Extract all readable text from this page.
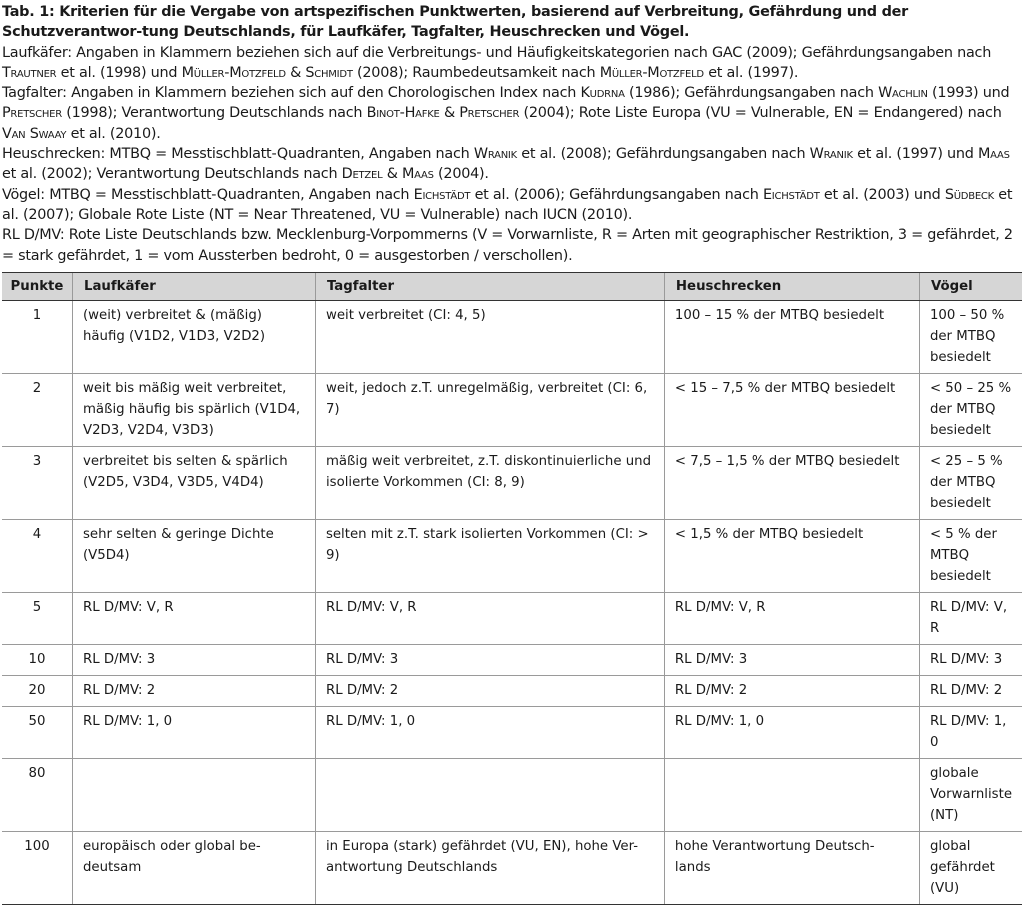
Tab. 1: Kriterien für die Vergabe von artspezifischen Punktwerten, basierend auf Verbreitung, Gefährdung und der Schutzverantwor-tung Deutschlands, für Laufkäfer, Tagfalter, Heuschrecken und Vögel.

Laufkäfer: Angaben in Klammern beziehen sich auf die Verbreitungs- und Häufigkeitskategorien nach GAC (2009); Gefährdungsangaben nach Trautner et al. (1998) und Müller-Motzfeld & Schmidt (2008); Raumbedeutsamkeit nach Müller-Motzfeld et al. (1997).

Tagfalter: Angaben in Klammern beziehen sich auf den Chorologischen Index nach Kudrna (1986); Gefährdungsangaben nach Wachlin (1993) und Pretscher (1998); Verantwortung Deutschlands nach Binot-Hafke & Pretscher (2004); Rote Liste Europa (VU = Vulnerable, EN = Endangered) nach Van Swaay et al. (2010).

Heuschrecken: MTBQ = Messtischblatt-Quadranten, Angaben nach Wranik et al. (2008); Gefährdungsangaben nach Wranik et al. (1997) und Maas et al. (2002); Verantwortung Deutschlands nach Detzel & Maas (2004).

Vögel: MTBQ = Messtischblatt-Quadranten, Angaben nach Eichstädt et al. (2006); Gefährdungsangaben nach Eichstädt et al. (2003) und Südbeck et al. (2007); Globale Rote Liste (NT = Near Threatened, VU = Vulnerable) nach IUCN (2010).

RL D/MV: Rote Liste Deutschlands bzw. Mecklenburg-Vorpommerns (V = Vorwarnliste, R = Arten mit geographischer Restriktion, 3 = gefährdet, 2 = stark gefährdet, 1 = vom Aussterben bedroht, 0 = ausgestorben / verschollen).

Punkte	Laufkäfer	Tagfalter	Heuschrecken	Vögel
1	(weit) verbreitet & (mäßig) häufig (V1D2, V1D3, V2D2)	weit verbreitet (CI: 4, 5)	100 – 15 % der MTBQ besiedelt	100 – 50 % der MTBQ besiedelt
2	weit bis mäßig weit verbreitet, mäßig häufig bis spärlich (V1D4, V2D3, V2D4, V3D3)	weit, jedoch z.T. unregelmäßig, verbreitet (CI: 6, 7)	< 15 – 7,5 % der MTBQ besiedelt	< 50 – 25 % der MTBQ besiedelt
3	verbreitet bis selten & spärlich (V2D5, V3D4, V3D5, V4D4)	mäßig weit verbreitet, z.T. diskontinuierliche und isolierte Vorkommen (CI: 8, 9)	< 7,5 – 1,5 % der MTBQ besiedelt	< 25 – 5 % der MTBQ besiedelt
4	sehr selten & geringe Dichte (V5D4)	selten mit z.T. stark isolierten Vorkommen (CI: > 9)	< 1,5 % der MTBQ besiedelt	< 5 % der MTBQ besiedelt
5	RL D/MV: V, R	RL D/MV: V, R	RL D/MV: V, R	RL D/MV: V, R
10	RL D/MV: 3	RL D/MV: 3	RL D/MV: 3	RL D/MV: 3
20	RL D/MV: 2	RL D/MV: 2	RL D/MV: 2	RL D/MV: 2
50	RL D/MV: 1, 0	RL D/MV: 1, 0	RL D/MV: 1, 0	RL D/MV: 1, 0
80				globale Vorwarnliste (NT)
100	europäisch oder global be-deutsam	in Europa (stark) gefährdet (VU, EN), hohe Ver-antwortung Deutschlands	hohe Verantwortung Deutsch-lands	global gefährdet (VU)
